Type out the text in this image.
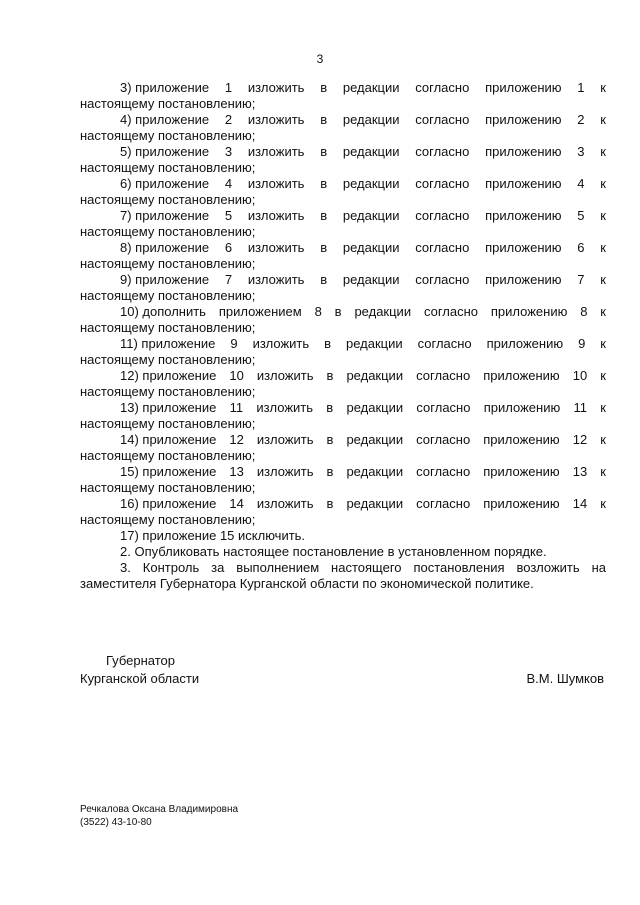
3
3) приложение 1 изложить в редакции согласно приложению 1 к
настоящему постановлению;
4) приложение 2 изложить в редакции согласно приложению 2 к
настоящему постановлению;
5) приложение 3 изложить в редакции согласно приложению 3 к
настоящему постановлению;
6) приложение 4 изложить в редакции согласно приложению 4 к
настоящему постановлению;
7) приложение 5 изложить в редакции согласно приложению 5 к
настоящему постановлению;
8) приложение 6 изложить в редакции согласно приложению 6 к
настоящему постановлению;
9) приложение 7 изложить в редакции согласно приложению 7 к
настоящему постановлению;
10) дополнить приложением 8 в редакции согласно приложению 8 к
настоящему постановлению;
11) приложение 9 изложить в редакции согласно приложению 9 к
настоящему постановлению;
12) приложение 10 изложить в редакции согласно приложению 10 к
настоящему постановлению;
13) приложение 11 изложить в редакции согласно приложению 11 к
настоящему постановлению;
14) приложение 12 изложить в редакции согласно приложению 12 к
настоящему постановлению;
15) приложение 13 изложить в редакции согласно приложению 13 к
настоящему постановлению;
16) приложение 14 изложить в редакции согласно приложению 14 к
настоящему постановлению;
17) приложение 15 исключить.
2. Опубликовать настоящее постановление в установленном порядке.
3. Контроль за выполнением настоящего постановления возложить на заместителя Губернатора Курганской области по экономической политике.
Губернатор
Курганской области	В.М. Шумков
Речкалова Оксана Владимировна
(3522) 43-10-80
